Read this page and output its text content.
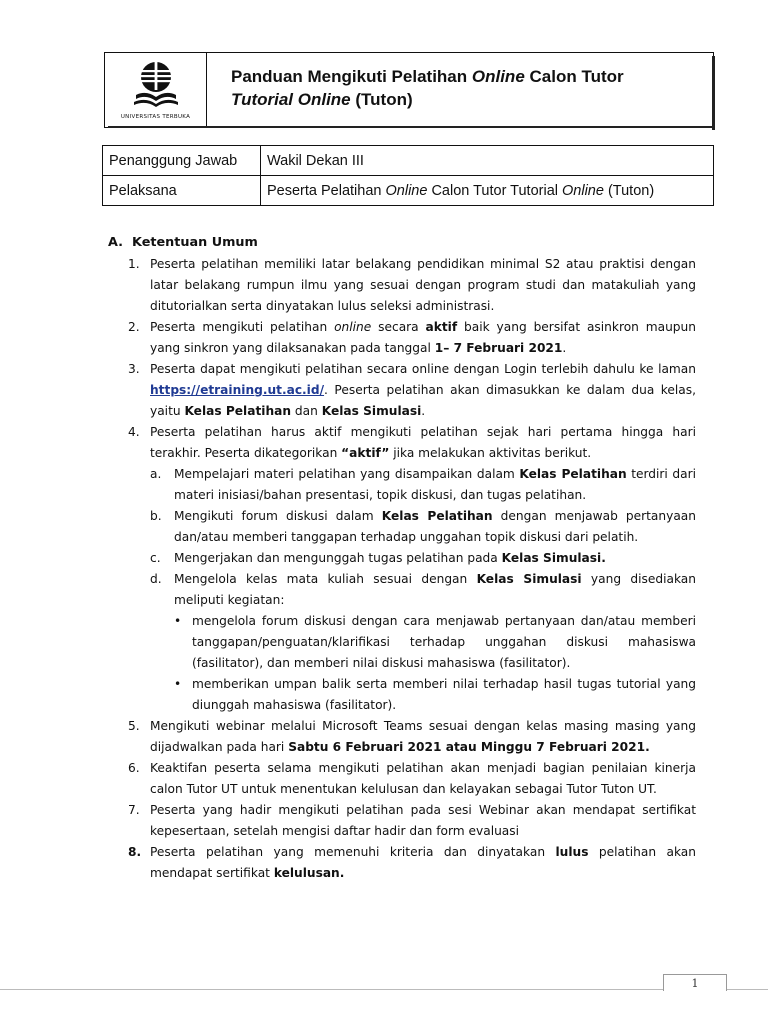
UNIVERSITAS TERBUKA
Panduan Mengikuti Pelatihan Online Calon Tutor
Tutorial Online (Tuton)
Penanggung Jawab	Wakil Dekan III
Pelaksana	Peserta Pelatihan Online Calon Tutor Tutorial Online (Tuton)
A. Ketentuan Umum
1. Peserta pelatihan memiliki latar belakang pendidikan minimal S2 atau praktisi dengan latar belakang rumpun ilmu yang sesuai dengan program studi dan matakuliah yang ditutorialkan serta dinyatakan lulus seleksi administrasi.
2. Peserta mengikuti pelatihan online secara aktif baik yang bersifat asinkron maupun yang sinkron yang dilaksanakan pada tanggal 1– 7 Februari 2021.
3. Peserta dapat mengikuti pelatihan secara online dengan Login terlebih dahulu ke laman https://etraining.ut.ac.id/. Peserta pelatihan akan dimasukkan ke dalam dua kelas, yaitu Kelas Pelatihan dan Kelas Simulasi.
4. Peserta pelatihan harus aktif mengikuti pelatihan sejak hari pertama hingga hari terakhir. Peserta dikategorikan “aktif” jika melakukan aktivitas berikut.
a. Mempelajari materi pelatihan yang disampaikan dalam Kelas Pelatihan terdiri dari materi inisiasi/bahan presentasi, topik diskusi, dan tugas pelatihan.
b. Mengikuti forum diskusi dalam Kelas Pelatihan dengan menjawab pertanyaan dan/atau memberi tanggapan terhadap unggahan topik diskusi dari pelatih.
c. Mengerjakan dan mengunggah tugas pelatihan pada Kelas Simulasi.
d. Mengelola kelas mata kuliah sesuai dengan Kelas Simulasi yang disediakan meliputi kegiatan:
• mengelola forum diskusi dengan cara menjawab pertanyaan dan/atau memberi tanggapan/penguatan/klarifikasi terhadap unggahan diskusi mahasiswa (fasilitator), dan memberi nilai diskusi mahasiswa (fasilitator).
• memberikan umpan balik serta memberi nilai terhadap hasil tugas tutorial yang diunggah mahasiswa (fasilitator).
5. Mengikuti webinar melalui Microsoft Teams sesuai dengan kelas masing masing yang dijadwalkan pada hari Sabtu 6 Februari 2021 atau Minggu 7 Februari 2021.
6. Keaktifan peserta selama mengikuti pelatihan akan menjadi bagian penilaian kinerja calon Tutor UT untuk menentukan kelulusan dan kelayakan sebagai Tutor Tuton UT.
7. Peserta yang hadir mengikuti pelatihan pada sesi Webinar akan mendapat sertifikat kepesertaan, setelah mengisi daftar hadir dan form evaluasi
8. Peserta pelatihan yang memenuhi kriteria dan dinyatakan lulus pelatihan akan mendapat sertifikat kelulusan.
1
